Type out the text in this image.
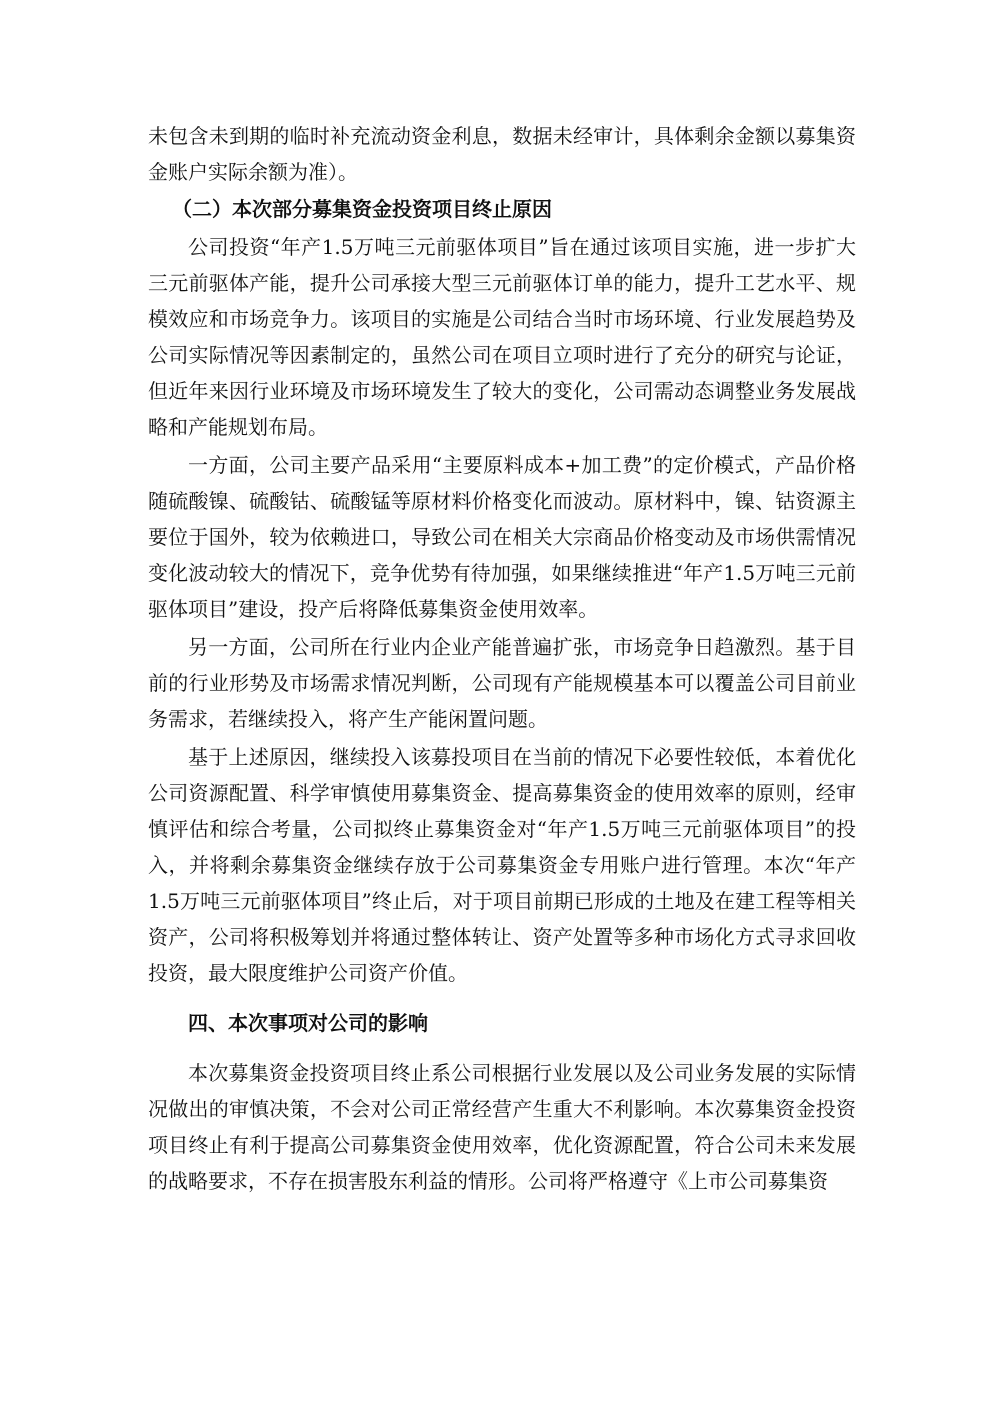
未包含未到期的临时补充流动资金利息，数据未经审计，具体剩余金额以募集资金账户实际余额为准）。

（二）本次部分募集资金投资项目终止原因

公司投资“年产1.5万吨三元前驱体项目”旨在通过该项目实施，进一步扩大三元前驱体产能，提升公司承接大型三元前驱体订单的能力，提升工艺水平、规模效应和市场竞争力。该项目的实施是公司结合当时市场环境、行业发展趋势及公司实际情况等因素制定的，虽然公司在项目立项时进行了充分的研究与论证，但近年来因行业环境及市场环境发生了较大的变化，公司需动态调整业务发展战略和产能规划布局。

一方面，公司主要产品采用“主要原料成本+加工费”的定价模式，产品价格随硫酸镍、硫酸钴、硫酸锰等原材料价格变化而波动。原材料中，镍、钴资源主要位于国外，较为依赖进口，导致公司在相关大宗商品价格变动及市场供需情况变化波动较大的情况下，竞争优势有待加强，如果继续推进“年产1.5万吨三元前驱体项目”建设，投产后将降低募集资金使用效率。

另一方面，公司所在行业内企业产能普遍扩张，市场竞争日趋激烈。基于目前的行业形势及市场需求情况判断，公司现有产能规模基本可以覆盖公司目前业务需求，若继续投入，将产生产能闲置问题。

基于上述原因，继续投入该募投项目在当前的情况下必要性较低，本着优化公司资源配置、科学审慎使用募集资金、提高募集资金的使用效率的原则，经审慎评估和综合考量，公司拟终止募集资金对“年产1.5万吨三元前驱体项目”的投入，并将剩余募集资金继续存放于公司募集资金专用账户进行管理。本次“年产1.5万吨三元前驱体项目”终止后，对于项目前期已形成的土地及在建工程等相关资产，公司将积极筹划并将通过整体转让、资产处置等多种市场化方式寻求回收投资，最大限度维护公司资产价值。

四、本次事项对公司的影响

本次募集资金投资项目终止系公司根据行业发展以及公司业务发展的实际情况做出的审慎决策，不会对公司正常经营产生重大不利影响。本次募集资金投资项目终止有利于提高公司募集资金使用效率，优化资源配置，符合公司未来发展的战略要求，不存在损害股东利益的情形。公司将严格遵守《上市公司募集资
